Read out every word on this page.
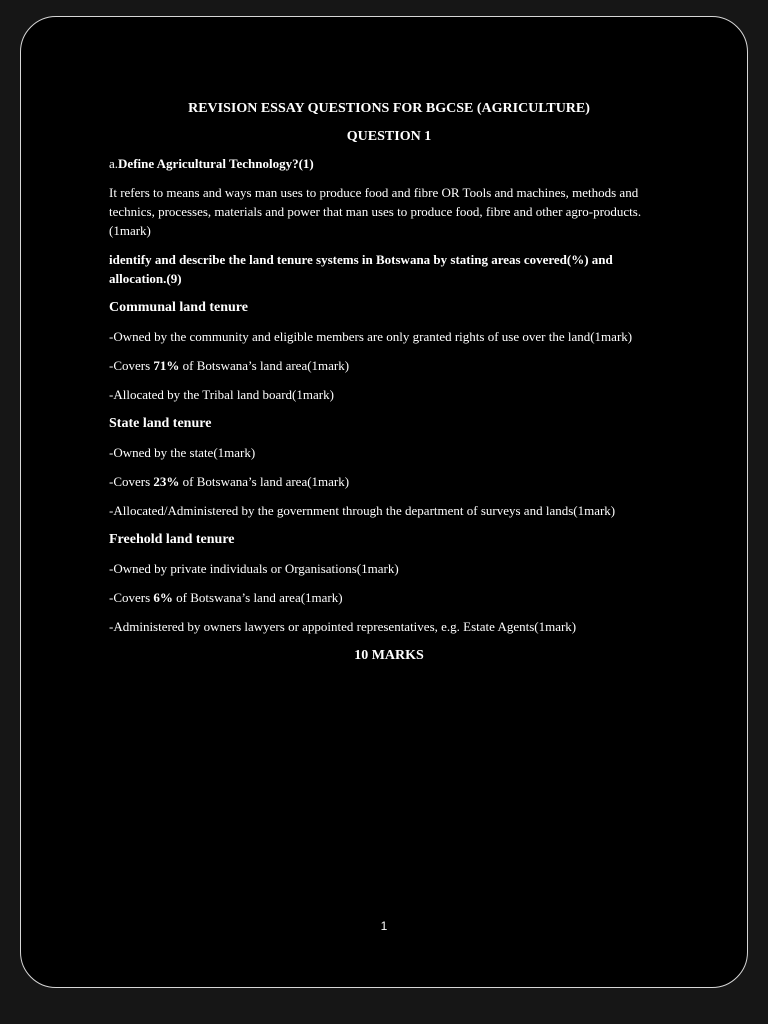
REVISION ESSAY QUESTIONS FOR BGCSE (AGRICULTURE)
QUESTION 1

a.Define Agricultural Technology?(1)

It refers to means and ways man uses to produce food and fibre OR Tools and machines, methods and technics, processes, materials and power that man uses to produce food, fibre and other agro-products.(1mark)

identify and describe the land tenure systems in Botswana by stating areas covered(%) and allocation.(9)

Communal land tenure

-Owned by the community and eligible members are only granted rights of use over the land(1mark)

-Covers 71% of Botswana’s land area(1mark)

-Allocated by the Tribal land board(1mark)

State land tenure

-Owned by the state(1mark)

-Covers 23% of Botswana’s land area(1mark)

-Allocated/Administered by the government through the department of surveys and lands(1mark)

Freehold land tenure

-Owned by private individuals or Organisations(1mark)

-Covers 6% of Botswana’s land area(1mark)

-Administered by owners lawyers or appointed representatives, e.g. Estate Agents(1mark)

10 MARKS
1
